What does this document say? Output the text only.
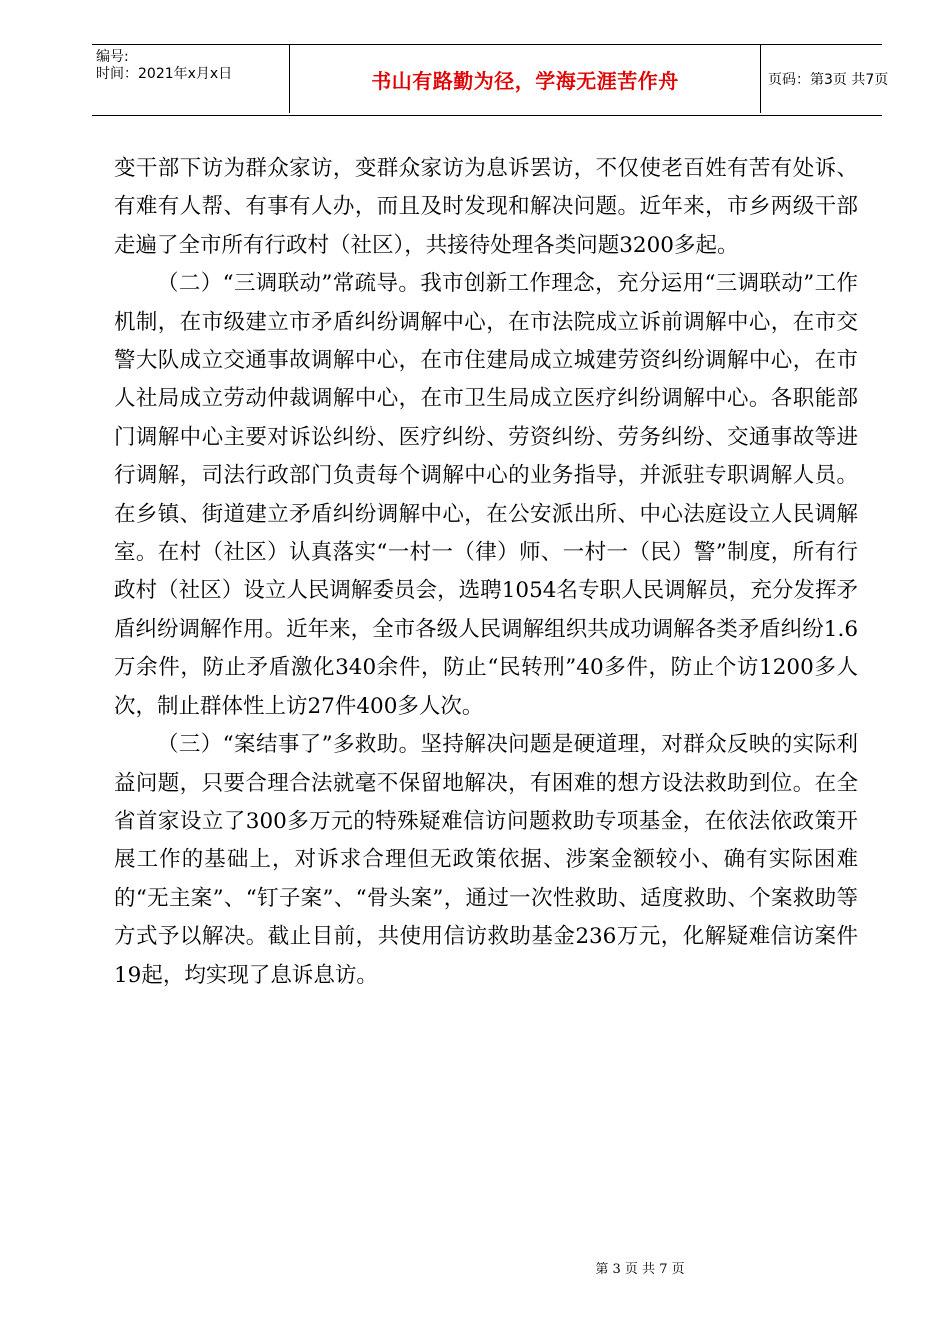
编号:
时间：2021年x月x日	书山有路勤为径，学海无涯苦作舟	页码：第3页 共7页

变干部下访为群众家访，变群众家访为息诉罢访，不仅使老百姓有苦有处诉、有难有人帮、有事有人办，而且及时发现和解决问题。近年来，市乡两级干部走遍了全市所有行政村（社区），共接待处理各类问题3200多起。

（二）“三调联动”常疏导。我市创新工作理念，充分运用“三调联动”工作机制，在市级建立市矛盾纠纷调解中心，在市法院成立诉前调解中心，在市交警大队成立交通事故调解中心，在市住建局成立城建劳资纠纷调解中心，在市人社局成立劳动仲裁调解中心，在市卫生局成立医疗纠纷调解中心。各职能部门调解中心主要对诉讼纠纷、医疗纠纷、劳资纠纷、劳务纠纷、交通事故等进行调解，司法行政部门负责每个调解中心的业务指导，并派驻专职调解人员。在乡镇、街道建立矛盾纠纷调解中心，在公安派出所、中心法庭设立人民调解室。在村（社区）认真落实“一村一（律）师、一村一（民）警”制度，所有行政村（社区）设立人民调解委员会，选聘1054名专职人民调解员，充分发挥矛盾纠纷调解作用。近年来，全市各级人民调解组织共成功调解各类矛盾纠纷1.6万余件，防止矛盾激化340余件，防止“民转刑”40多件，防止个访1200多人次，制止群体性上访27件400多人次。

（三）“案结事了”多救助。坚持解决问题是硬道理，对群众反映的实际利益问题，只要合理合法就毫不保留地解决，有困难的想方设法救助到位。在全省首家设立了300多万元的特殊疑难信访问题救助专项基金，在依法依政策开展工作的基础上，对诉求合理但无政策依据、涉案金额较小、确有实际困难的“无主案”、“钉子案”、“骨头案”，通过一次性救助、适度救助、个案救助等方式予以解决。截止目前，共使用信访救助基金236万元，化解疑难信访案件19起，均实现了息诉息访。

第 3 页 共 7 页
